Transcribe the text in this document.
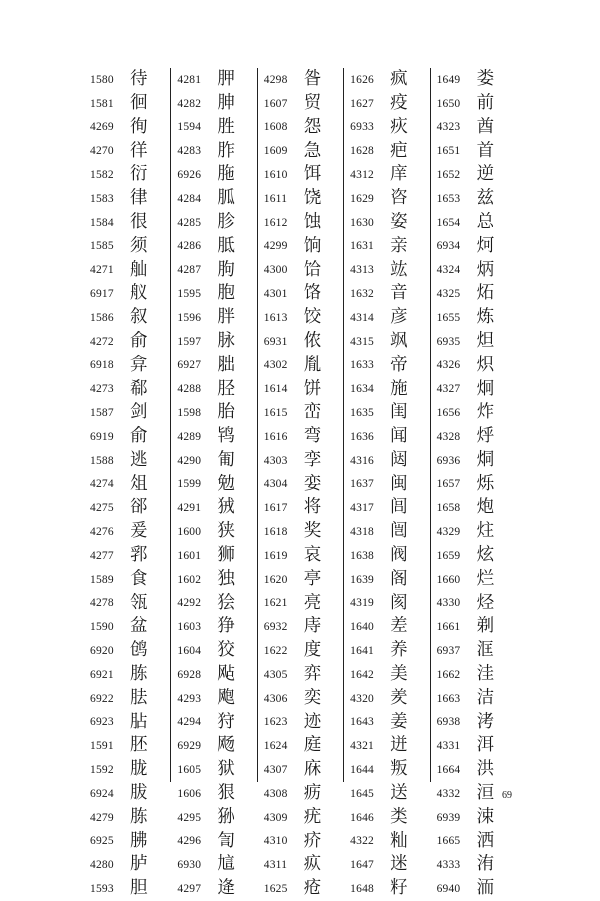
1580 待
1581 徊
4269 徇
4270 徉
1582 衍
1583 律
1584 很
1585 须
4271 舢
6917 舣
1586 叙
4272 俞
6918 弇
4273 郗
1587 剑
6919 俞
1588 逃
4274 俎
4275 郤
4276 爰
4277 郛
1589 食
4278 瓴
1590 盆
6920 鸧
6921 胨
6922 胠
6923 胋
1591 胚
1592 胧
6924 胈
4279 胨
6925 胇
4280 胪
1593 胆
4281 胛
4282 胂
1594 胜
4283 胙
6926 胣
4284 胍
4285 胗
4286 胝
4287 朐
1595 胞
1596 胖
1597 脉
6927 胐
4288 胫
1598 胎
4289 鸨
4290 匍
1599 勉
4291 狨
1600 狭
1601 狮
1602 独
4292 狯
1603 狰
1604 狡
6928 飐
4293 飑
4294 狩
6929 飏
1605 狱
1606 狠
4295 狲
4296 訇
6930 訄
4297 逄
4298 昝
1607 贸
1608 怨
1609 急
1610 饵
1611 饶
1612 蚀
4299 饷
4300 饸
4301 饹
1613 饺
6931 侬
4302 胤
1614 饼
1615 峦
1616 弯
4303 孪
4304 娈
1617 将
1618 奖
1619 哀
1620 亭
1621 亮
6932 庤
1622 度
4305 弈
4306 奕
1623 迹
1624 庭
4307 庥
4308 疬
4309 疣
4310 疥
4311 疭
1625 疮
1626 疯
1627 疫
6933 疢
1628 疤
4312 庠
1629 咨
1630 姿
1631 亲
4313 竑
1632 音
4314 彦
4315 飒
1633 帝
1634 施
1635 闺
1636 闻
4316 闼
1637 闽
4317 闾
4318 闿
1638 阀
1639 阁
4319 阂
1640 差
1641 养
1642 美
4320 羑
1643 姜
4321 迸
1644 叛
1645 送
1646 类
4322 籼
1647 迷
1648 籽
1649 娄
1650 前
4323 酋
1651 首
1652 逆
1653 兹
1654 总
6934 炣
4324 炳
4325 炻
1655 炼
6935 炟
4326 炽
4327 炯
1656 炸
4328 烀
6936 烔
1657 烁
1658 炮
4329 炷
1659 炫
1660 烂
4330 烃
1661 剃
6937 洭
1662 洼
1663 洁
6938 洘
4331 洱
1664 洪
4332 洹
6939 涑
1665 洒
4333 洧
6940 洏
69
